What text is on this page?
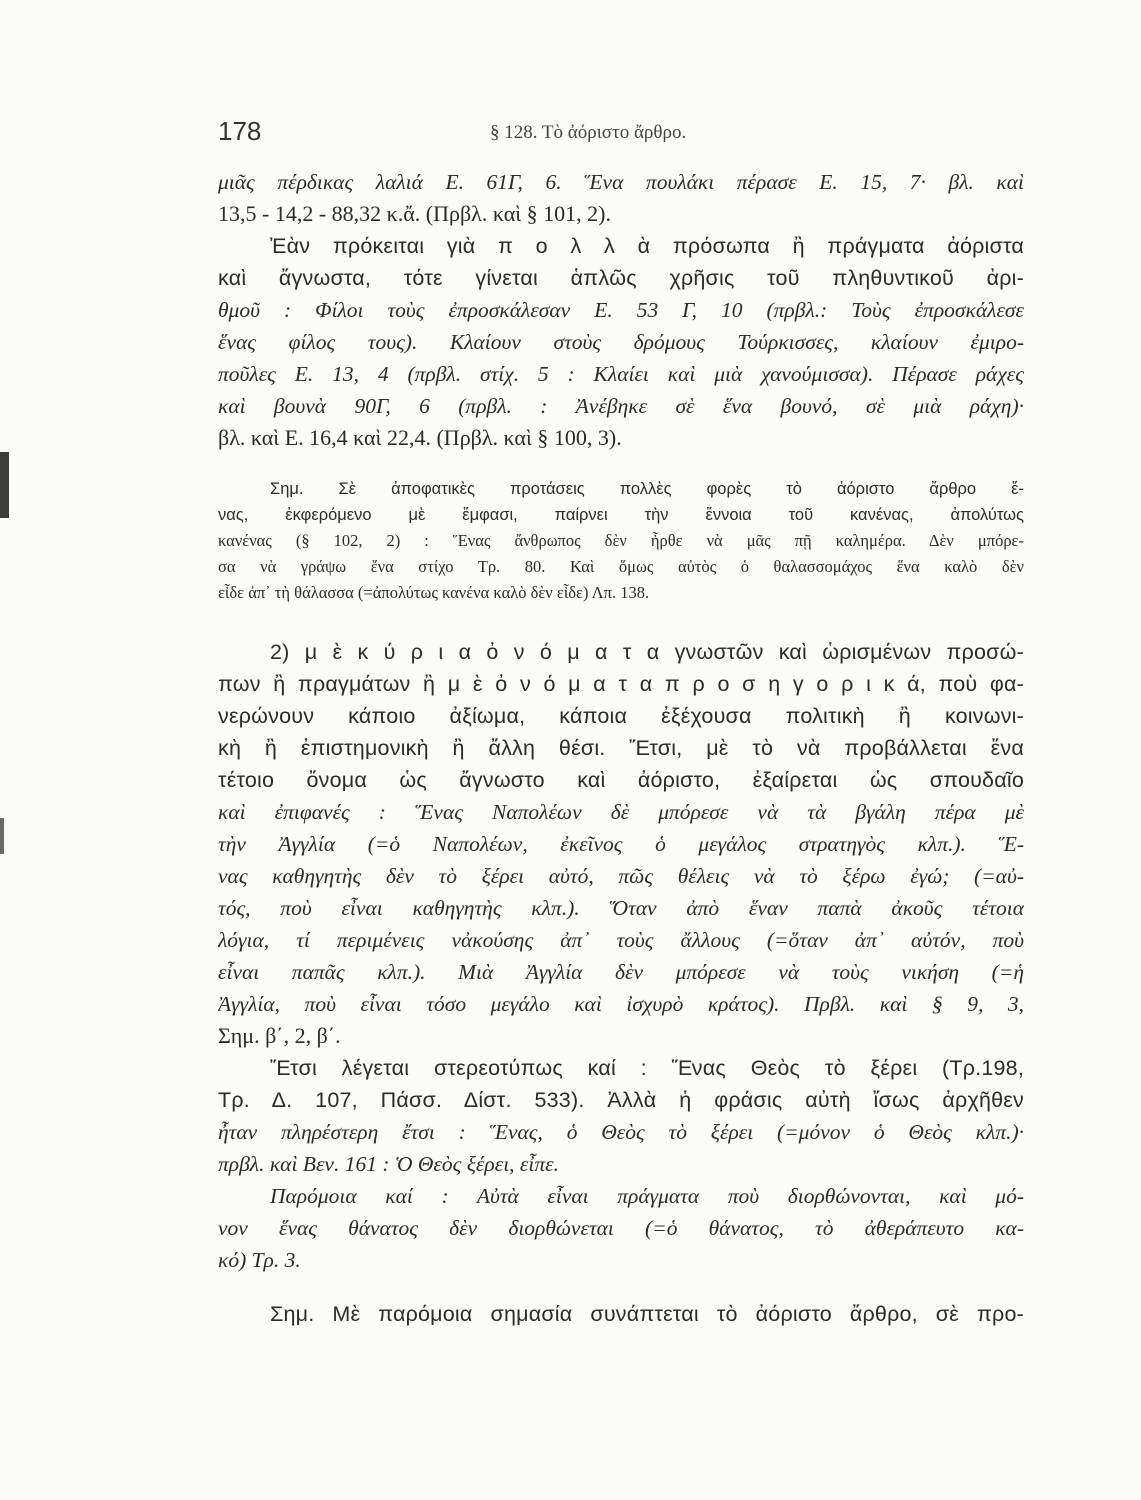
178	§ 128. Τὸ ἀόριστο ἄρθρο.
μιᾶς πέρδικας λαλιά Ε. 61Γ, 6. Ἕνα πουλάκι πέρασε Ε. 15, 7· βλ. καὶ
13,5 - 14,2 - 88,32 κ.ἄ. (Πρβλ. καὶ § 101, 2).
Ἐὰν πρόκειται γιὰ π ο λ λ ὰ πρόσωπα ἢ πράγματα ἀόριστα
καὶ ἄγνωστα, τότε γίνεται ἁπλῶς χρῆσις τοῦ πληθυντικοῦ ἀρι-
θμοῦ : Φίλοι τοὺς ἐπροσκάλεσαν Ε. 53 Γ, 10 (πρβλ.: Τοὺς ἐπροσκάλεσε
ἕνας φίλος τους). Κλαίουν στοὺς δρόμους Τούρκισσες, κλαίουν ἐμιρο-
ποῦλες Ε. 13, 4 (πρβλ. στίχ. 5 : Κλαίει καὶ μιὰ χανούμισσα). Πέρασε ράχες
καὶ βουνὰ 90Γ, 6 (πρβλ. : Ἀνέβηκε σὲ ἕνα βουνό, σὲ μιὰ ράχη)·
βλ. καὶ Ε. 16,4 καὶ 22,4. (Πρβλ. καὶ § 100, 3).
Σημ. Σὲ ἀποφατικὲς προτάσεις πολλὲς φορὲς τὸ ἀόριστο ἄρθρο ἕ-
νας, ἐκφερόμενο μὲ ἔμφασι, παίρνει τὴν ἔννοια τοῦ κανένας, ἀπολύτως
κανένας (§ 102, 2) : Ἕνας ἄνθρωπος δὲν ἦρθε νὰ μᾶς πῇ καλημέρα. Δὲν μπόρε-
σα νὰ γράψω ἕνα στίχο Τρ. 80. Καὶ ὅμως αὐτὸς ὁ θαλασσομάχος ἕνα καλὸ δὲν
εἶδε ἀπ᾽ τὴ θάλασσα (=ἀπολύτως κανένα καλὸ δὲν εἶδε) Λπ. 138.
2) μ ὲ κ ύ ρ ι α ὀ ν ό μ α τ α γνωστῶν καὶ ὡρισμένων προσώ-
πων ἢ πραγμάτων ἢ μ ὲ ὀ ν ό μ α τ α π ρ ο σ η γ ο ρ ι κ ά, ποὺ φα-
νερώνουν κάποιο ἀξίωμα, κάποια ἐξέχουσα πολιτικὴ ἢ κοινωνι-
κὴ ἢ ἐπιστημονικὴ ἢ ἄλλη θέσι. Ἔτσι, μὲ τὸ νὰ προβάλλεται ἕνα
τέτοιο ὄνομα ὡς ἄγνωστο καὶ ἀόριστο, ἐξαίρεται ὡς σπουδαῖο
καὶ ἐπιφανές : Ἕνας Ναπολέων δὲ μπόρεσε νὰ τὰ βγάλη πέρα μὲ
τὴν Ἀγγλία (=ὁ Ναπολέων, ἐκεῖνος ὁ μεγάλος στρατηγὸς κλπ.). Ἕ-
νας καθηγητὴς δὲν τὸ ξέρει αὐτό, πῶς θέλεις νὰ τὸ ξέρω ἐγώ; (=αὐ-
τός, ποὺ εἶναι καθηγητὴς κλπ.). Ὅταν ἀπὸ ἕναν παπὰ ἀκοῦς τέτοια
λόγια, τί περιμένεις νἀκούσης ἀπ᾽ τοὺς ἄλλους (=ὅταν ἀπ᾽ αὐτόν, ποὺ
εἶναι παπᾶς κλπ.). Μιὰ Ἀγγλία δὲν μπόρεσε νὰ τοὺς νικήση (=ἡ
Ἀγγλία, ποὺ εἶναι τόσο μεγάλο καὶ ἰσχυρὸ κράτος). Πρβλ. καὶ § 9, 3,
Σημ. β΄, 2, β΄.
Ἔτσι λέγεται στερεοτύπως καί : Ἕνας Θεὸς τὸ ξέρει (Τρ.198,
Τρ. Δ. 107, Πάσσ. Δίστ. 533). Ἀλλὰ ἡ φράσις αὐτὴ ἴσως ἀρχῆθεν
ἦταν πληρέστερη ἔτσι : Ἕνας, ὁ Θεὸς τὸ ξέρει (=μόνον ὁ Θεὸς κλπ.)·
πρβλ. καὶ Βεν. 161 : Ὁ Θεὸς ξέρει, εἶπε.
Παρόμοια καί : Αὐτὰ εἶναι πράγματα ποὺ διορθώνονται, καὶ μό-
νον ἕνας θάνατος δὲν διορθώνεται (=ὁ θάνατος, τὸ ἀθεράπευτο κα-
κό) Τρ. 3.
Σημ. Μὲ παρόμοια σημασία συνάπτεται τὸ ἀόριστο ἄρθρο, σὲ προ-
